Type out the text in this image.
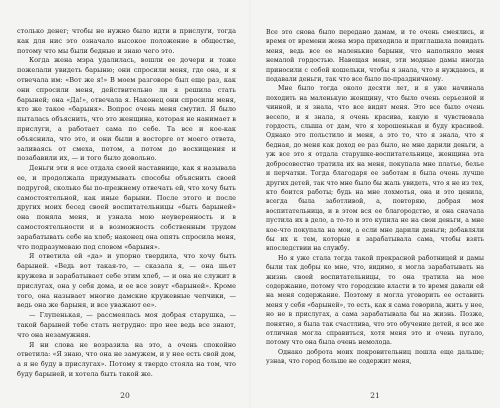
столько денег; чтобы не нужно было идти в прислуги, тогда как для нис это означало высокое положение в обществе, потому что мы были бедные и знаю чего это.

Когда жена мэра удалилась, вошли ее дочери и тоже пожелали увидеть барыню; они спросили меня, где она, и я отвечала им: «Вот же я!» В моем разговоре был еще раз, как они спросили меня, действительно ли я решила стать барыней; она «Да!», отвечала я. Наконец они спросили меня, кто же такое «барыня». Вопрос очень меня смутил. Я было пыталась объяснить, что это женщина, которая не нанимает в прислуги, а работает сама по себе. Та все и кое-как объяснила, что это, и они были в восторге от моего ответа, заливаясь от смеха, потом, а потом до восхищения и позабавили их, — и того было довольно.

Деньги эти я все отдала своей наставнице, как я называла ее, и продолжала придумывать способы объяснить своей подругой, сколько бы по-прежнему отвечать ей, что хочу быть самостоятельной, как иные барыни. После этого и после других моих бесед своей воспитательницы «быть барыней» она поняла меня, и узнала мою неуверенность и в самостоятельности и в возможность собственным трудом зарабатывать себе на хлеб; наконец она опять спросила меня, что подразумеваю под словом «барыня».

Я ответила ей «да» и упорно твердила, что хочу быть барыней. «Ведь вот такая-то, — сказала я, — она шьет кружева и зарабатывает себе этим хлеб, — и она не служит в прислугах, она у себя дома, и ее все зовут «барыней». Кроме того, она называет многие дамские кружевные чепчики, — ведь она же барыня, и все уважают ее».

— Глупенькая, — рассмеялась моя добрая старушка, — такой барыней тебе стать нетрудно: про нее ведь все знают, что она незамужняя.

Я ни слова не возразила на это, а очень спокойно ответила: «Я знаю, что она не замужем, и у нее есть свой дом, а я не буду в прислугах». Потому я твердо стояла на том, что буду барыней, и хотела быть такой же.

20

Все это снова было передано дамам, и те очень смеялись, и время от времени жена мэра приходила и приглашала повидать меня, ведь все ее маленькие барыни, что наполняло меня немалой гордостью. Навещая меня, эти модные дамы иногда приносили с собой кошельки, чтобы я знала, что я нуждаюсь, и подавали деньги, так что все было по-праздничному.

Мне было тогда около десяти лет, и я уже начинала походить на маленькую женщину, что было очень серьезной и чинной, и я знала, что все видят меня. Это все было очень весело, и я знала, я очень красива, какую я чувствовала гордость, слыша от дам, что я хорошенькая и буду красивой. Однако это польстило и меня, а это то, что я знала, что я бедная, до меня как доход ее раз было, не мне дарили деньги, а уж все это я отдала старушке-воспитательнице, женщина эта добросовестно тратила их на меня, покупала мне платье, белье и перчатки. Тогда благодаря ее заботам я была очень лучше других детей, так что мне было бы жаль увидеть, что я не из тех, кто боится работы; будь на мне лохмотья, она и это ценила, всегда была заботливой, а, повторяю, добрая моя воспитательница, и в этом вся ее благородство, и она сначала пустила их в дело, а то-то и это купила не на свои деньги, а мне кое-что покупала на мои, а если мне дарили деньги; добавляли бы их к тем, которые я зарабатывала сама, чтобы взять впоследствии на службу.

Но я уже стала тогда такой прекрасной работницей и дамы были так добры ко мне, что, видимо, я могла зарабатывать на жизнь своей воспитательницы, то она тратила на мое содержание, потому что городские власти в то время давали ей на меня содержание. Поэтому я могла уговорить ее оставить меня у себя «барыней», то есть, как я сама говорила, жить у нее, но не в прислугах, а сама зарабатывала бы на жизнь. Позже, понятно, я была так счастлива, что это обучение детей, я все же отличная могла справиться, хотя меня это и очень пугало, потому что она была очень немолода.

Однако доброта моих покровительниц пошла еще дальше; узнав, что город больше не содержит меня,

21
